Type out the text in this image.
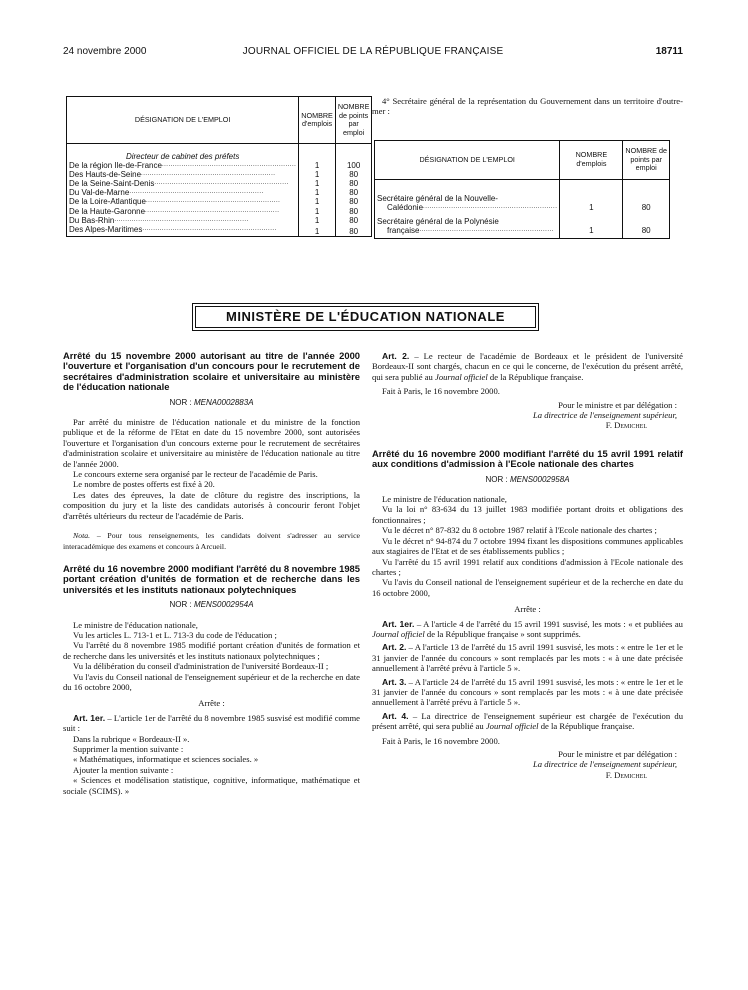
24 novembre 2000	JOURNAL OFFICIEL DE LA RÉPUBLIQUE FRANÇAISE	18711
DÉSIGNATION DE L'EMPLOI	NOMBRE d'emplois	NOMBRE de points par emploi
Directeur de cabinet des préfets		

De la région Ile-de-France ..............................................................	1	100

Des Hauts-de-Seine ..............................................................	1	80

De la Seine-Saint-Denis ..............................................................	1	80

Du Val-de-Marne ..............................................................	1	80

De la Loire-Atlantique ..............................................................	1	80

De la Haute-Garonne ..............................................................	1	80

Du Bas-Rhin ..............................................................	1	80

Des Alpes-Maritimes ..............................................................	1	80

4° Secrétaire général de la représentation du Gouvernement dans un territoire d'outre-mer :

DÉSIGNATION DE L'EMPLOI	NOMBRE d'emplois	NOMBRE de points par emploi

Secrétaire général de la Nouvelle-
Calédonie ..............................................................	1	80

Secrétaire général de la Polynésie
française ..............................................................	1	80
MINISTÈRE DE L'ÉDUCATION NATIONALE
Arrêté du 15 novembre 2000 autorisant au titre de l'année 2000 l'ouverture et l'organisation d'un concours pour le recrutement de secrétaires d'administration scolaire et universitaire au ministère de l'éducation nationale
NOR : MENA0002883A

Par arrêté du ministre de l'éducation nationale et du ministre de la fonction publique et de la réforme de l'Etat en date du 15 novembre 2000, sont autorisées l'ouverture et l'organisation d'un concours externe pour le recrutement de secrétaires d'administration scolaire et universitaire au ministère de l'éducation nationale au titre de l'année 2000.

Le concours externe sera organisé par le recteur de l'académie de Paris.

Le nombre de postes offerts est fixé à 20.

Les dates des épreuves, la date de clôture du registre des inscriptions, la composition du jury et la liste des candidats autorisés à concourir feront l'objet d'arrêtés ultérieurs du recteur de l'académie de Paris.

Nota. – Pour tous renseignements, les candidats doivent s'adresser au service interacadémique des examens et concours à Arcueil.

Arrêté du 16 novembre 2000 modifiant l'arrêté du 8 novembre 1985 portant création d'unités de formation et de recherche dans les universités et les instituts nationaux polytechniques
NOR : MENS0002954A

Le ministre de l'éducation nationale,

Vu les articles L. 713-1 et L. 713-3 du code de l'éducation ;

Vu l'arrêté du 8 novembre 1985 modifié portant création d'unités de formation et de recherche dans les universités et les instituts nationaux polytechniques ;

Vu la délibération du conseil d'administration de l'université Bordeaux-II ;

Vu l'avis du Conseil national de l'enseignement supérieur et de la recherche en date du 16 octobre 2000,

Arrête :

Art. 1er. – L'article 1er de l'arrêté du 8 novembre 1985 susvisé est modifié comme suit :

Dans la rubrique « Bordeaux-II ».

Supprimer la mention suivante :

« Mathématiques, informatique et sciences sociales. »

Ajouter la mention suivante :

« Sciences et modélisation statistique, cognitive, informatique, mathématique et sociale (SCIMS). »

Art. 2. – Le recteur de l'académie de Bordeaux et le président de l'université Bordeaux-II sont chargés, chacun en ce qui le concerne, de l'exécution du présent arrêté, qui sera publié au Journal officiel de la République française.

Fait à Paris, le 16 novembre 2000.

Pour le ministre et par délégation :
La directrice de l'enseignement supérieur,
F. Demichel
Arrêté du 16 novembre 2000 modifiant l'arrêté du 15 avril 1991 relatif aux conditions d'admission à l'Ecole nationale des chartes
NOR : MENS0002958A

Le ministre de l'éducation nationale,

Vu la loi n° 83-634 du 13 juillet 1983 modifiée portant droits et obligations des fonctionnaires ;

Vu le décret n° 87-832 du 8 octobre 1987 relatif à l'Ecole nationale des chartes ;

Vu le décret n° 94-874 du 7 octobre 1994 fixant les dispositions communes applicables aux stagiaires de l'Etat et de ses établissements publics ;

Vu l'arrêté du 15 avril 1991 relatif aux conditions d'admission à l'Ecole nationale des chartes ;

Vu l'avis du Conseil national de l'enseignement supérieur et de la recherche en date du 16 octobre 2000,

Arrête :

Art. 1er. – A l'article 4 de l'arrêté du 15 avril 1991 susvisé, les mots : « et publiées au Journal officiel de la République française » sont supprimés.

Art. 2. – A l'article 13 de l'arrêté du 15 avril 1991 susvisé, les mots : « entre le 1er et le 31 janvier de l'année du concours » sont remplacés par les mots : « à une date précisée annuellement à l'arrêté prévu à l'article 5 ».

Art. 3. – A l'article 24 de l'arrêté du 15 avril 1991 susvisé, les mots : « entre le 1er et le 31 janvier de l'année du concours » sont remplacés par les mots : « à une date précisée annuellement à l'arrêté prévu à l'article 5 ».

Art. 4. – La directrice de l'enseignement supérieur est chargée de l'exécution du présent arrêté, qui sera publié au Journal officiel de la République française.

Fait à Paris, le 16 novembre 2000.

Pour le ministre et par délégation :
La directrice de l'enseignement supérieur,
F. Demichel
